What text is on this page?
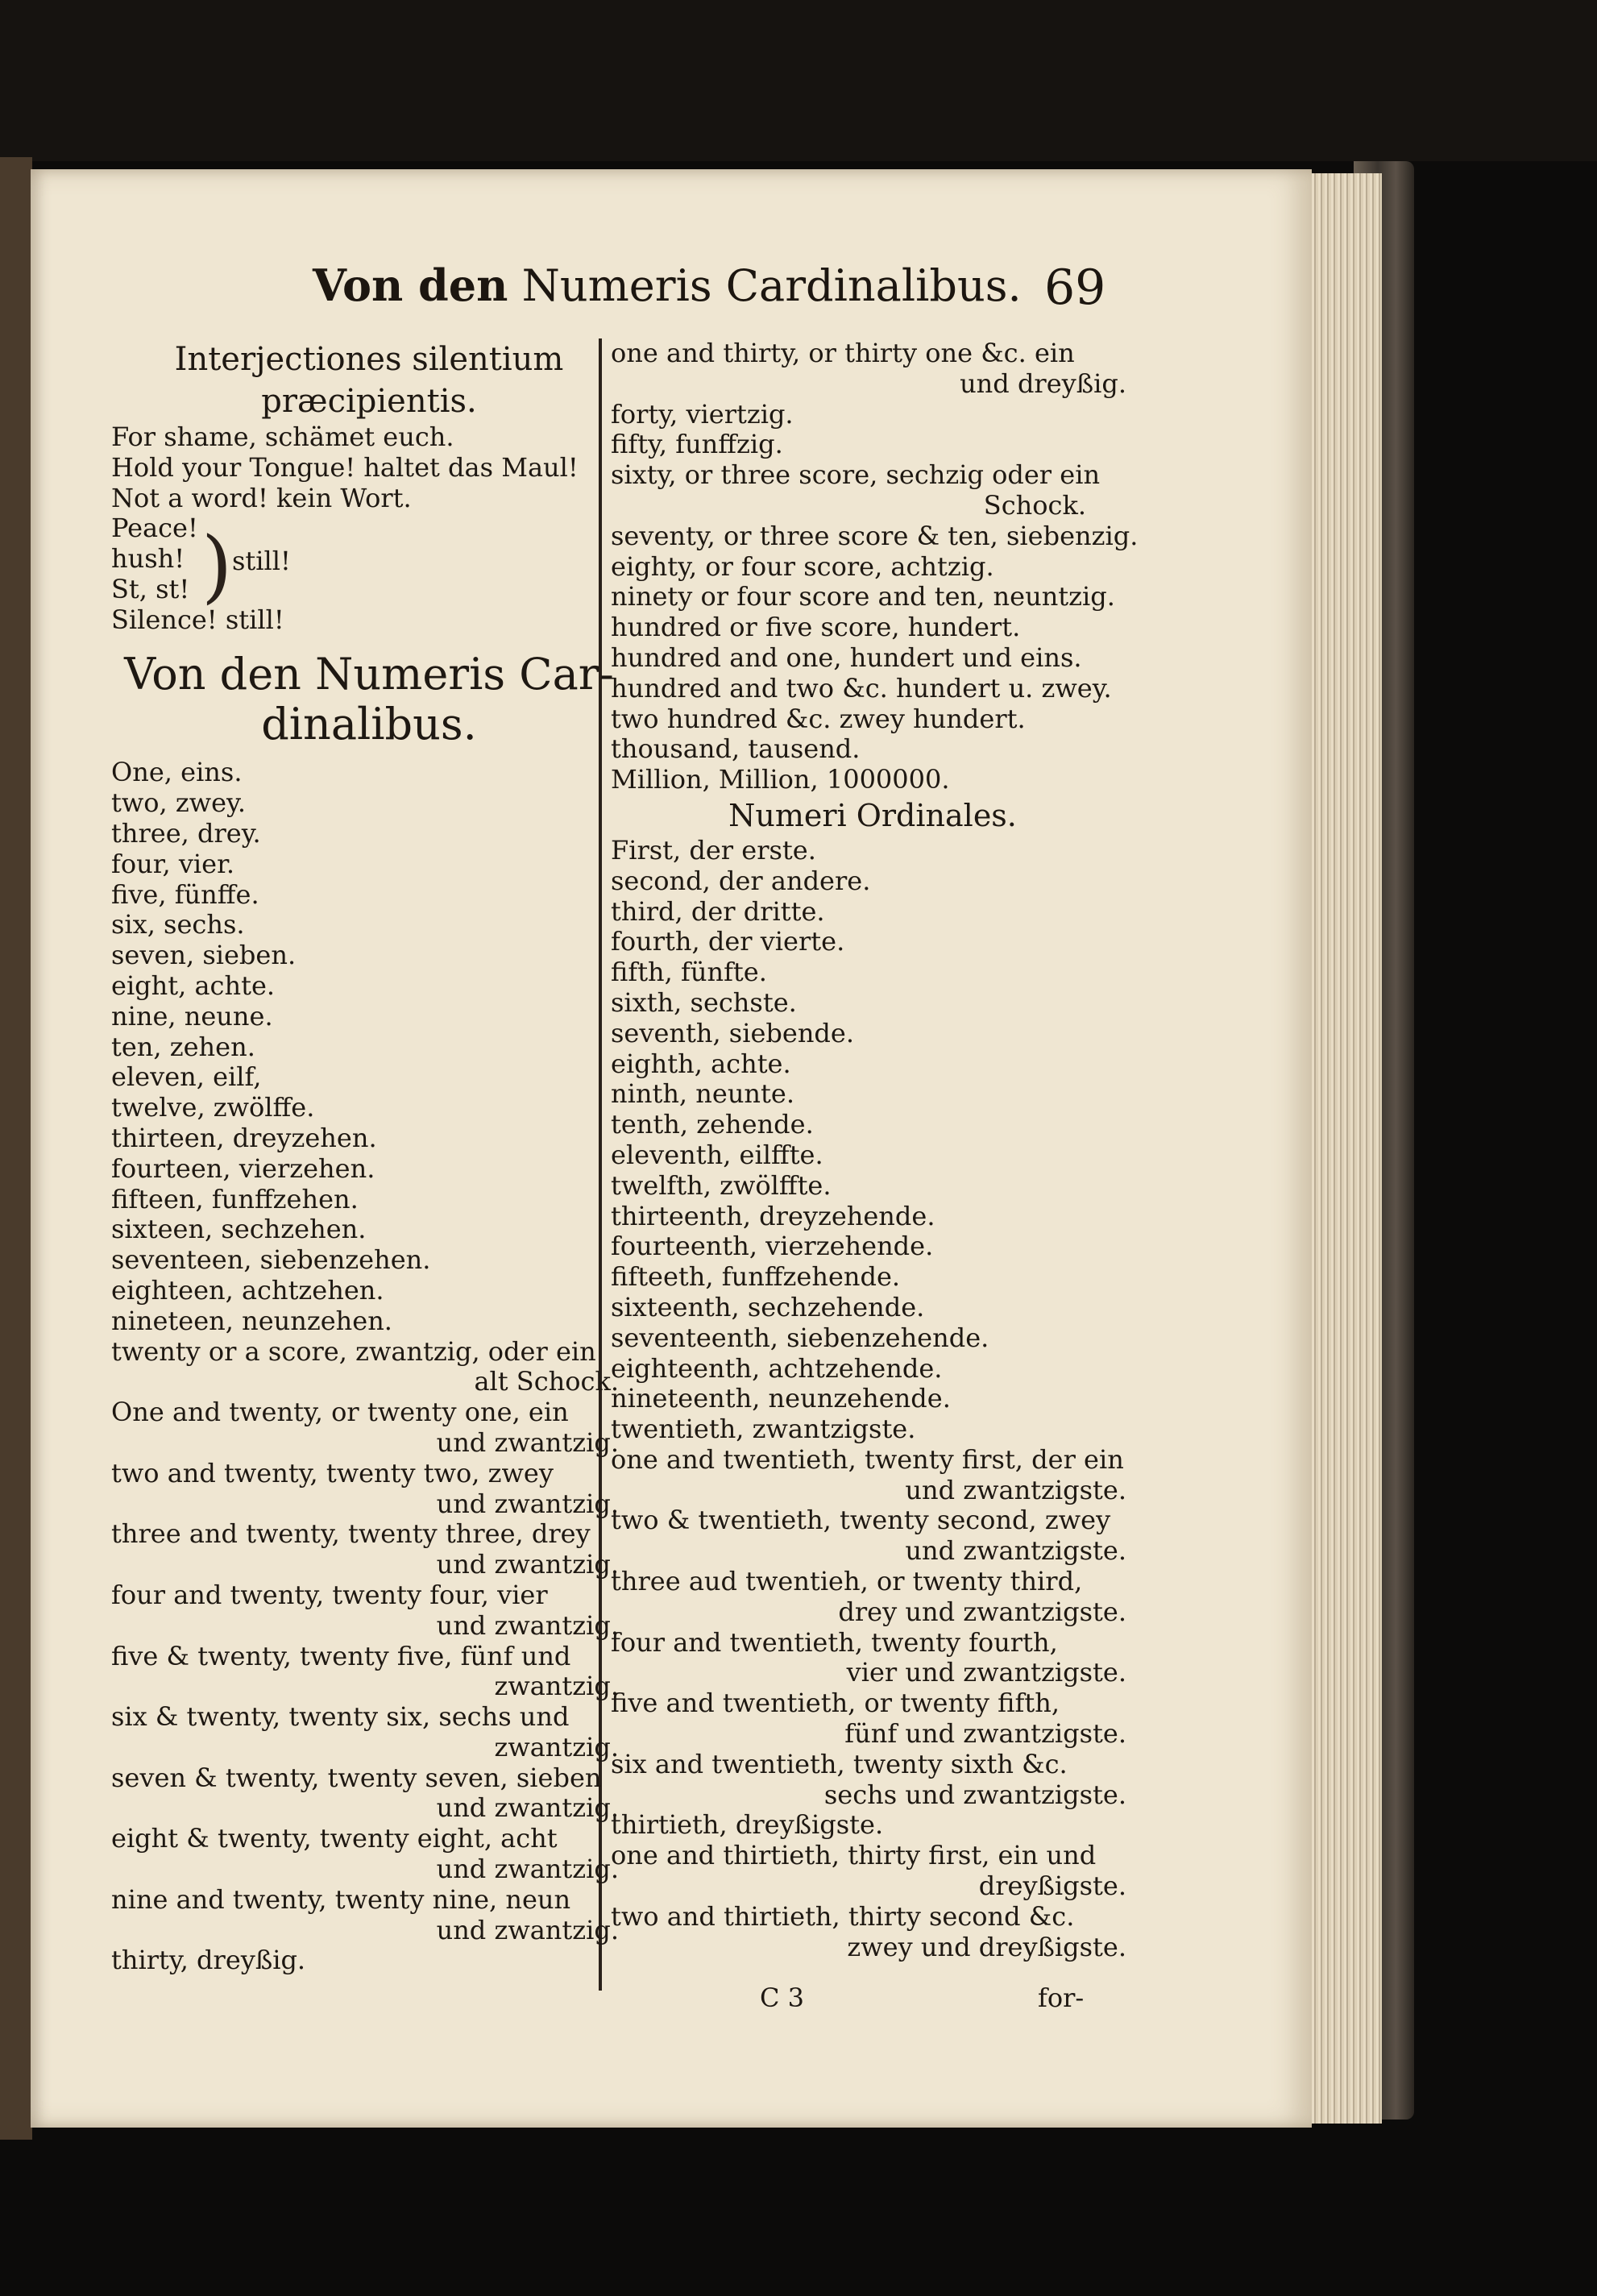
Von den Numeris Cardinalibus. 69
Interjectiones silentium
præcipientis.
For shame, schämet euch.
Hold your Tongue! haltet das Maul!
Not a word! kein Wort.
Peace!
hush!
St, st!
Silence! still!
) still!
Von den Numeris Car-
dinalibus.
One, eins.
two, zwey.
three, drey.
four, vier.
five, fünffe.
six, sechs.
seven, sieben.
eight, achte.
nine, neune.
ten, zehen.
eleven, eilf,
twelve, zwölffe.
thirteen, dreyzehen.
fourteen, vierzehen.
fifteen, funffzehen.
sixteen, sechzehen.
seventeen, siebenzehen.
eighteen, achtzehen.
nineteen, neunzehen.
twenty or a score, zwantzig, oder ein
alt Schock.
One and twenty, or twenty one, ein
und zwantzig.
two and twenty, twenty two, zwey
und zwantzig.
three and twenty, twenty three, drey
und zwantzig.
four and twenty, twenty four, vier
und zwantzig.
five & twenty, twenty five, fünf und
zwantzig.
six & twenty, twenty six, sechs und
zwantzig.
seven & twenty, twenty seven, sieben
und zwantzig.
eight & twenty, twenty eight, acht
und zwantzig.
nine and twenty, twenty nine, neun
und zwantzig.
thirty, dreyßig.
one and thirty, or thirty one &c. ein
und dreyßig.
forty, viertzig.
fifty, funffzig.
sixty, or three score, sechzig oder ein
Schock.
seventy, or three score & ten, siebenzig.
eighty, or four score, achtzig.
ninety or four score and ten, neuntzig.
hundred or five score, hundert.
hundred and one, hundert und eins.
hundred and two &c. hundert u. zwey.
two hundred &c. zwey hundert.
thousand, tausend.
Million, Million, 1000000.
Numeri Ordinales.
First, der erste.
second, der andere.
third, der dritte.
fourth, der vierte.
fifth, fünfte.
sixth, sechste.
seventh, siebende.
eighth, achte.
ninth, neunte.
tenth, zehende.
eleventh, eilffte.
twelfth, zwölffte.
thirteenth, dreyzehende.
fourteenth, vierzehende.
fifteeth, funffzehende.
sixteenth, sechzehende.
seventeenth, siebenzehende.
eighteenth, achtzehende.
nineteenth, neunzehende.
twentieth, zwantzigste.
one and twentieth, twenty first, der ein
und zwantzigste.
two & twentieth, twenty second, zwey
und zwantzigste.
three aud twentieh, or twenty third,
drey und zwantzigste.
four and twentieth, twenty fourth,
vier und zwantzigste.
five and twentieth, or twenty fifth,
fünf und zwantzigste.
six and twentieth, twenty sixth &c.
sechs und zwantzigste.
thirtieth, dreyßigste.
one and thirtieth, thirty first, ein und
dreyßigste.
two and thirtieth, thirty second &c.
zwey und dreyßigste.
C 3	for-
